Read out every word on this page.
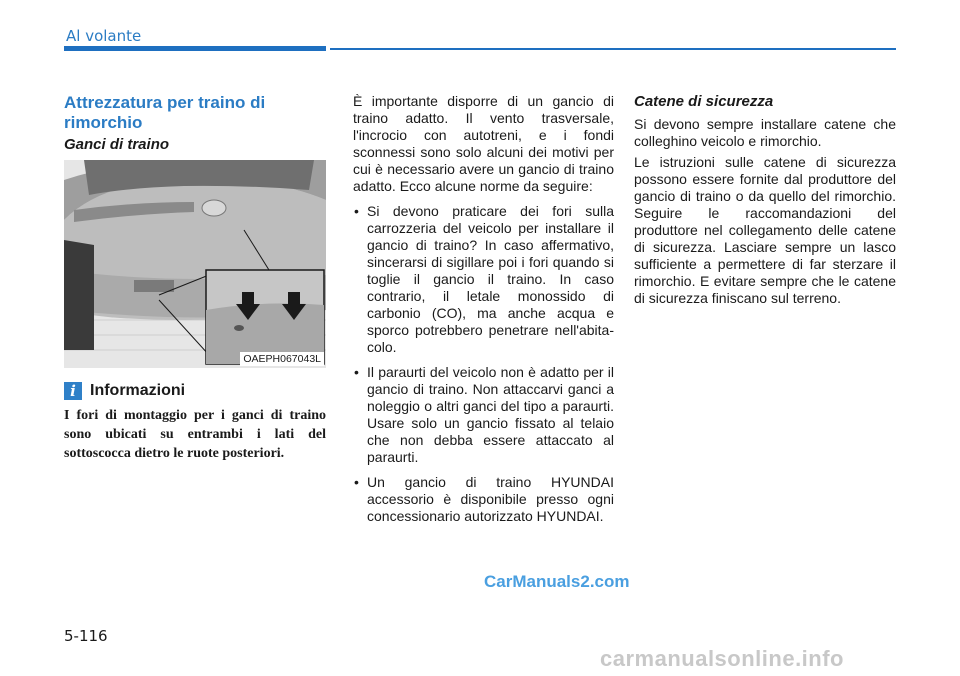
Al volante
Attrezzatura per traino di rimorchio
Ganci di traino
OAEPH067043L
i Informazioni

I fori di montaggio per i ganci di traino sono ubicati su entrambi i lati del sottoscocca dietro le ruote posteriori.

È importante disporre di un gancio di traino adatto. Il vento trasversale, l'incrocio con autotreni, e i fondi sconnessi sono solo alcuni dei motivi per cui è necessario avere un gancio di traino adatto. Ecco alcune norme da seguire:

• Si devono praticare dei fori sulla carrozzeria del veicolo per installare il gancio di traino? In caso affermativo, sincerarsi di sigillare poi i fori quando si toglie il gancio il traino. In caso contrario, il letale monossido di carbonio (CO), ma anche acqua e sporco potrebbero penetrare nell'abita-colo.
• Il paraurti del veicolo non è adatto per il gancio di traino. Non attaccarvi ganci a noleggio o altri ganci del tipo a paraurti. Usare solo un gancio fissato al telaio che non debba essere attaccato al paraurti.
• Un gancio di traino HYUNDAI accessorio è disponibile presso ogni concessionario autorizzato HYUNDAI.
Catene di sicurezza

Si devono sempre installare catene che colleghino veicolo e rimorchio.

Le istruzioni sulle catene di sicurezza possono essere fornite dal produttore del gancio di traino o da quello del rimorchio. Seguire le raccomandazioni del produttore nel collegamento delle catene di sicurezza. Lasciare sempre un lasco sufficiente a permettere di far sterzare il rimorchio. E evitare sempre che le catene di sicurezza finiscano sul terreno.

CarManuals2.com
5-116
carmanualsonline.info
